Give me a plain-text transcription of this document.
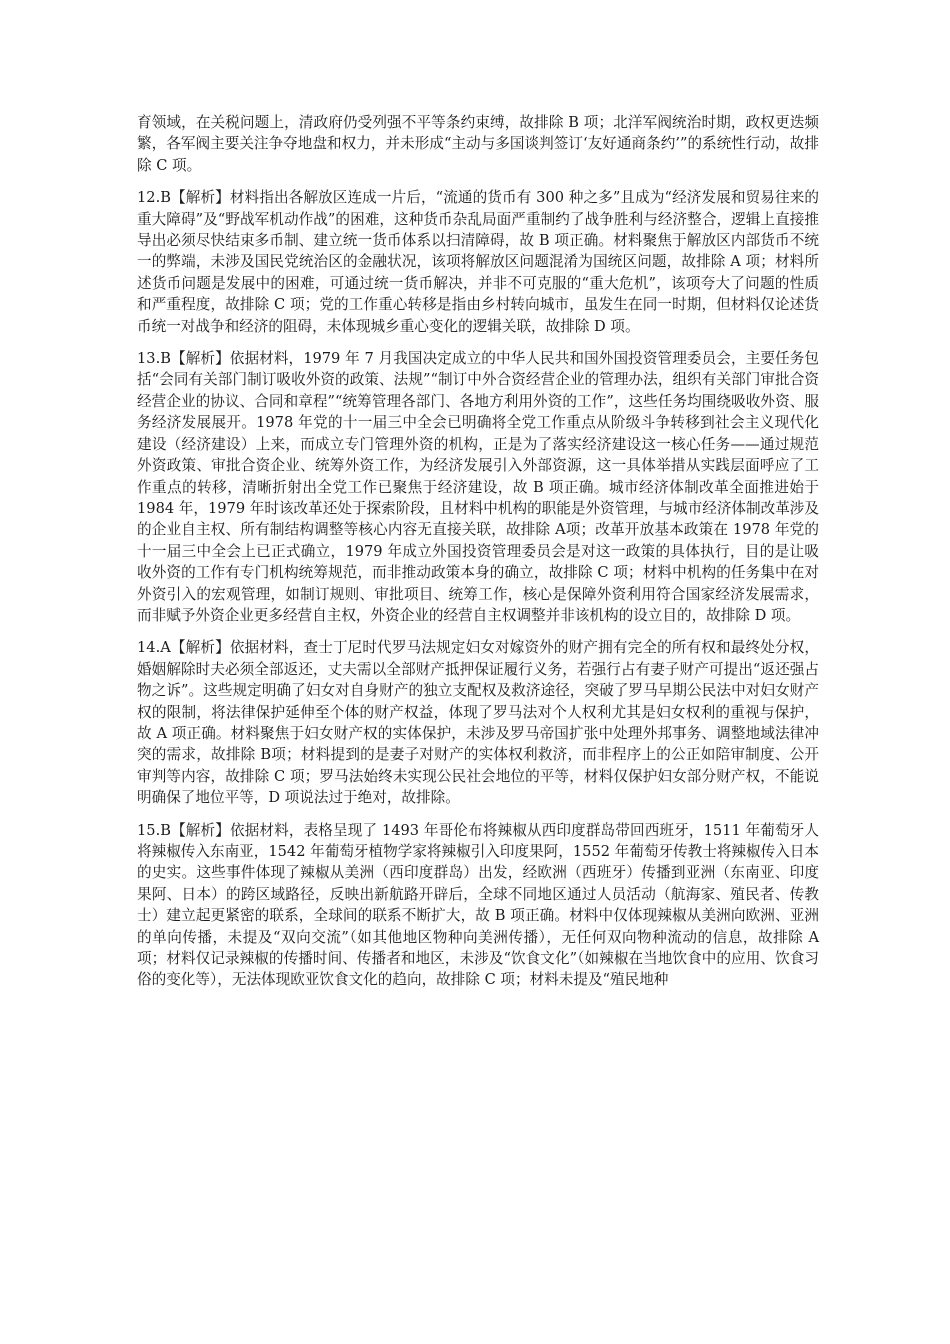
育领域，在关税问题上，清政府仍受列强不平等条约束缚，故排除 B 项；北洋军阀统治时期，政权更迭频繁，各军阀主要关注争夺地盘和权力，并未形成“主动与多国谈判签订‘友好通商条约’”的系统性行动，故排除 C 项。

12.B【解析】材料指出各解放区连成一片后，“流通的货币有 300 种之多”且成为“经济发展和贸易往来的重大障碍”及“野战军机动作战”的困难，这种货币杂乱局面严重制约了战争胜利与经济整合，逻辑上直接推导出必须尽快结束多币制、建立统一货币体系以扫清障碍，故 B 项正确。材料聚焦于解放区内部货币不统一的弊端，未涉及国民党统治区的金融状况，该项将解放区问题混淆为国统区问题，故排除 A 项；材料所述货币问题是发展中的困难，可通过统一货币解决，并非不可克服的“重大危机”，该项夸大了问题的性质和严重程度，故排除 C 项；党的工作重心转移是指由乡村转向城市，虽发生在同一时期，但材料仅论述货币统一对战争和经济的阻碍，未体现城乡重心变化的逻辑关联，故排除 D 项。

13.B【解析】依据材料，1979 年 7 月我国决定成立的中华人民共和国外国投资管理委员会，主要任务包括“会同有关部门制订吸收外资的政策、法规”“制订中外合资经营企业的管理办法，组织有关部门审批合资经营企业的协议、合同和章程”“统筹管理各部门、各地方利用外资的工作”，这些任务均围绕吸收外资、服务经济发展展开。1978 年党的十一届三中全会已明确将全党工作重点从阶级斗争转移到社会主义现代化建设（经济建设）上来，而成立专门管理外资的机构，正是为了落实经济建设这一核心任务——通过规范外资政策、审批合资企业、统筹外资工作，为经济发展引入外部资源，这一具体举措从实践层面呼应了工作重点的转移，清晰折射出全党工作已聚焦于经济建设，故 B 项正确。城市经济体制改革全面推进始于 1984 年，1979 年时该改革还处于探索阶段，且材料中机构的职能是外资管理，与城市经济体制改革涉及的企业自主权、所有制结构调整等核心内容无直接关联，故排除 A项；改革开放基本政策在 1978 年党的十一届三中全会上已正式确立，1979 年成立外国投资管理委员会是对这一政策的具体执行，目的是让吸收外资的工作有专门机构统筹规范，而非推动政策本身的确立，故排除 C 项；材料中机构的任务集中在对外资引入的宏观管理，如制订规则、审批项目、统筹工作，核心是保障外资利用符合国家经济发展需求，而非赋予外资企业更多经营自主权，外资企业的经营自主权调整并非该机构的设立目的，故排除 D 项。

14.A【解析】依据材料，查士丁尼时代罗马法规定妇女对嫁资外的财产拥有完全的所有权和最终处分权，婚姻解除时夫必须全部返还，丈夫需以全部财产抵押保证履行义务，若强行占有妻子财产可提出“返还强占物之诉”。这些规定明确了妇女对自身财产的独立支配权及救济途径，突破了罗马早期公民法中对妇女财产权的限制，将法律保护延伸至个体的财产权益，体现了罗马法对个人权利尤其是妇女权利的重视与保护，故 A 项正确。材料聚焦于妇女财产权的实体保护，未涉及罗马帝国扩张中处理外邦事务、调整地域法律冲突的需求，故排除 B项；材料提到的是妻子对财产的实体权利救济，而非程序上的公正如陪审制度、公开审判等内容，故排除 C 项；罗马法始终未实现公民社会地位的平等，材料仅保护妇女部分财产权，不能说明确保了地位平等，D 项说法过于绝对，故排除。

15.B【解析】依据材料，表格呈现了 1493 年哥伦布将辣椒从西印度群岛带回西班牙，1511 年葡萄牙人将辣椒传入东南亚，1542 年葡萄牙植物学家将辣椒引入印度果阿，1552 年葡萄牙传教士将辣椒传入日本的史实。这些事件体现了辣椒从美洲（西印度群岛）出发，经欧洲（西班牙）传播到亚洲（东南亚、印度果阿、日本）的跨区域路径，反映出新航路开辟后，全球不同地区通过人员活动（航海家、殖民者、传教士）建立起更紧密的联系，全球间的联系不断扩大，故 B 项正确。材料中仅体现辣椒从美洲向欧洲、亚洲的单向传播，未提及“双向交流”（如其他地区物种向美洲传播），无任何双向物种流动的信息，故排除 A 项；材料仅记录辣椒的传播时间、传播者和地区，未涉及“饮食文化”（如辣椒在当地饮食中的应用、饮食习俗的变化等），无法体现欧亚饮食文化的趋向，故排除 C 项；材料未提及“殖民地种
